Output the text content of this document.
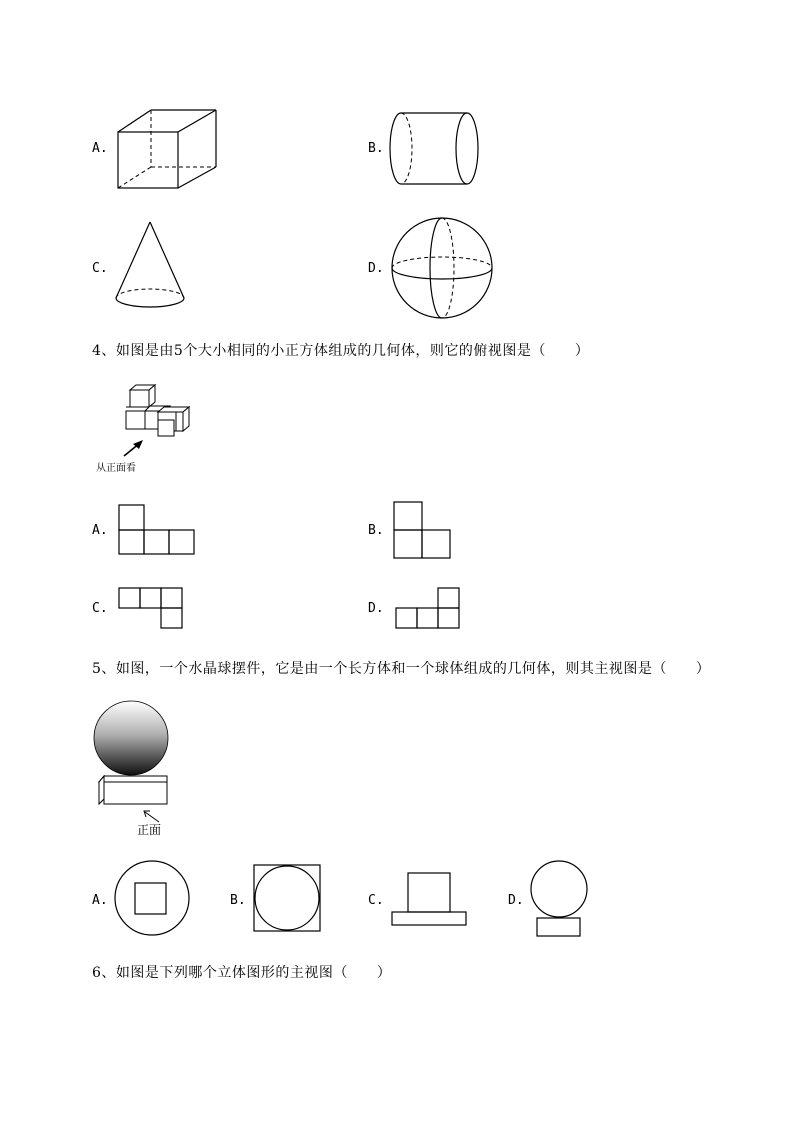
A.	B.
C.	D.
4、如图是由5个大小相同的小正方体组成的几何体，则它的俯视图是（　　）
从正面看
A.	B.
C.	D.
5、如图，一个水晶球摆件，它是由一个长方体和一个球体组成的几何体，则其主视图是（　　）
正面
A.	B.	C.	D.
6、如图是下列哪个立体图形的主视图（　　）
